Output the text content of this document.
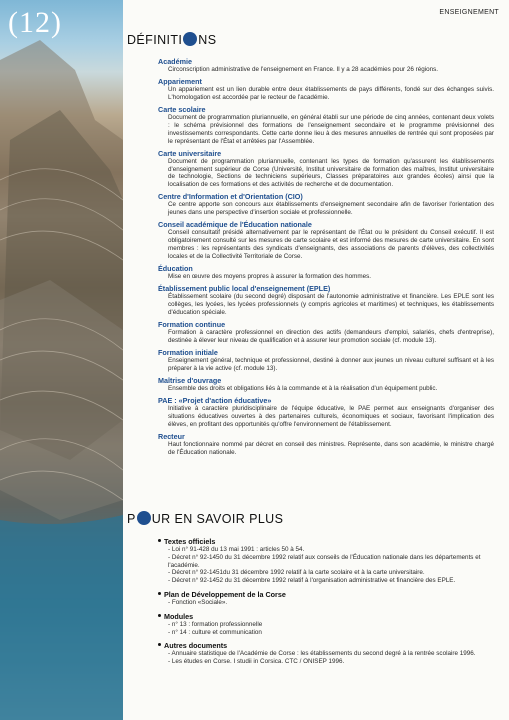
(12)	ENSEIGNEMENT
DÉFINITI NS
Académie
Circonscription administrative de l'enseignement en France. Il y a 28 académies pour 26 régions.
Appariement
Un appariement est un lien durable entre deux établissements de pays différents, fondé sur des échanges suivis. L'homologation est accordée par le recteur de l'académie.
Carte scolaire
Document de programmation pluriannuelle, en général établi sur une période de cinq années, contenant deux volets : le schéma prévisionnel des formations de l'enseignement secondaire et le programme prévisionnel des investissements correspondants. Cette carte donne lieu à des mesures annuelles de rentrée qui sont proposées par le représentant de l'État et arrêtées par l'Assemblée.
Carte universitaire
Document de programmation pluriannuelle, contenant les types de formation qu'assurent les établissements d'enseignement supérieur de Corse (Université, Institut universitaire de formation des maîtres, Institut universitaire de technologie, Sections de techniciens supérieurs, Classes préparatoires aux grandes écoles) ainsi que la localisation de ces formations et des activités de recherche et de documentation.
Centre d'Information et d'Orientation (CIO)
Ce centre apporte son concours aux établissements d'enseignement secondaire afin de favoriser l'orientation des jeunes dans une perspective d'insertion sociale et professionnelle.
Conseil académique de l'Éducation nationale
Conseil consultatif présidé alternativement par le représentant de l'État ou le président du Conseil exécutif. Il est obligatoirement consulté sur les mesures de carte scolaire et est informé des mesures de carte universitaire. En sont membres : les représentants des syndicats d'enseignants, des associations de parents d'élèves, des collectivités locales et de la Collectivité Territoriale de Corse.
Éducation
Mise en œuvre des moyens propres à assurer la formation des hommes.
Établissement public local d'enseignement (EPLE)
Établissement scolaire (du second degré) disposant de l'autonomie administrative et financière. Les EPLE sont les collèges, les lycées, les lycées professionnels (y compris agricoles et maritimes) et techniques, les établissements d'éducation spéciale.
Formation continue
Formation à caractère professionnel en direction des actifs (demandeurs d'emploi, salariés, chefs d'entreprise), destinée à élever leur niveau de qualification et à assurer leur promotion sociale (cf. module 13).
Formation initiale
Enseignement général, technique et professionnel, destiné à donner aux jeunes un niveau culturel suffisant et à les préparer à la vie active (cf. module 13).
Maîtrise d'ouvrage
Ensemble des droits et obligations liés à la commande et à la réalisation d'un équipement public.
PAE : «Projet d'action éducative»
Initiative à caractère pluridisciplinaire de l'équipe éducative, le PAE permet aux enseignants d'organiser des situations éducatives ouvertes à des partenaires culturels, économiques et sociaux, favorisant l'implication des élèves, en profitant des opportunités qu'offre l'environnement de l'établissement.
Recteur
Haut fonctionnaire nommé par décret en conseil des ministres. Représente, dans son académie, le ministre chargé de l'Éducation nationale.
P UR EN SAVOIR PLUS
Textes officiels
- Loi n° 91-428 du 13 mai 1991 : articles 50 à 54.
- Décret n° 92-1450 du 31 décembre 1992 relatif aux conseils de l'Éducation nationale dans les départements et l'académie.
- Décret n° 92-1451du 31 décembre 1992 relatif à la carte scolaire et à la carte universitaire.
- Décret n° 92-1452 du 31 décembre 1992 relatif à l'organisation administrative et financière des EPLE.
Plan de Développement de la Corse
- Fonction «Sociale».
Modules
- n° 13 : formation professionnelle
- n° 14 : culture et communication
Autres documents
- Annuaire statistique de l'Académie de Corse : les établissements du second degré à la rentrée scolaire 1996.
- Les études en Corse. I studii in Corsica. CTC / ONISEP 1996.
